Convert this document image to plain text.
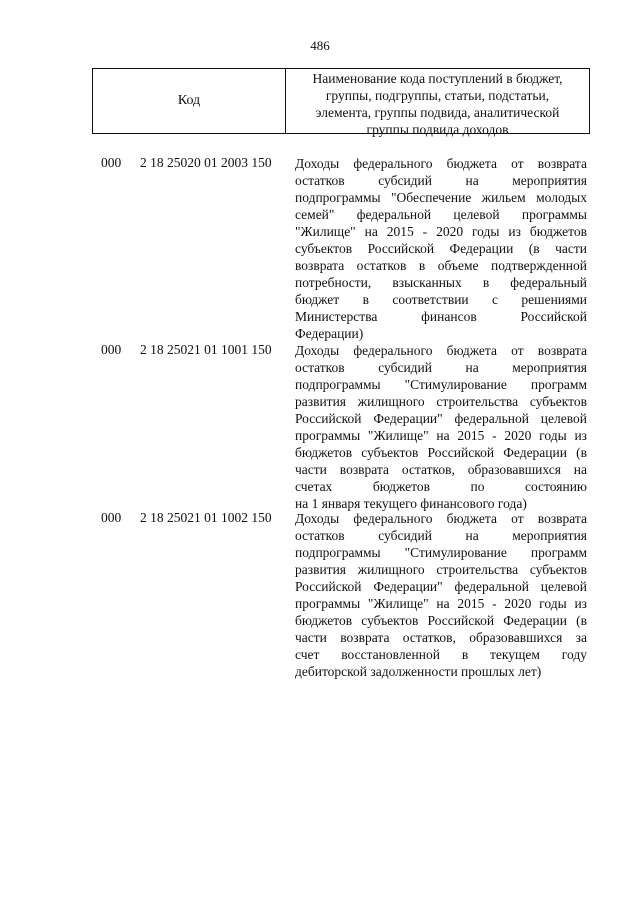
486
Код
Наименование кода поступлений в бюджет,
группы, подгруппы, статьи, подстатьи,
элемента, группы подвида, аналитической
группы подвида доходов
000 2 18 25020 01 2003 150 Доходы федерального бюджета от возврата
остатков субсидий на мероприятия
подпрограммы "Обеспечение жильем молодых
семей" федеральной целевой программы
"Жилище" на 2015 - 2020 годы из бюджетов
субъектов Российской Федерации (в части
возврата остатков в объеме подтвержденной
потребности, взысканных в федеральный
бюджет в соответствии с решениями
Министерства финансов Российской
Федерации)
000 2 18 25021 01 1001 150 Доходы федерального бюджета от возврата
остатков субсидий на мероприятия
подпрограммы "Стимулирование программ
развития жилищного строительства субъектов
Российской Федерации" федеральной целевой
программы "Жилище" на 2015 - 2020 годы из
бюджетов субъектов Российской Федерации (в
части возврата остатков, образовавшихся на
счетах бюджетов по состоянию
на 1 января текущего финансового года)
000 2 18 25021 01 1002 150 Доходы федерального бюджета от возврата
остатков субсидий на мероприятия
подпрограммы "Стимулирование программ
развития жилищного строительства субъектов
Российской Федерации" федеральной целевой
программы "Жилище" на 2015 - 2020 годы из
бюджетов субъектов Российской Федерации (в
части возврата остатков, образовавшихся за
счет восстановленной в текущем году
дебиторской задолженности прошлых лет)
